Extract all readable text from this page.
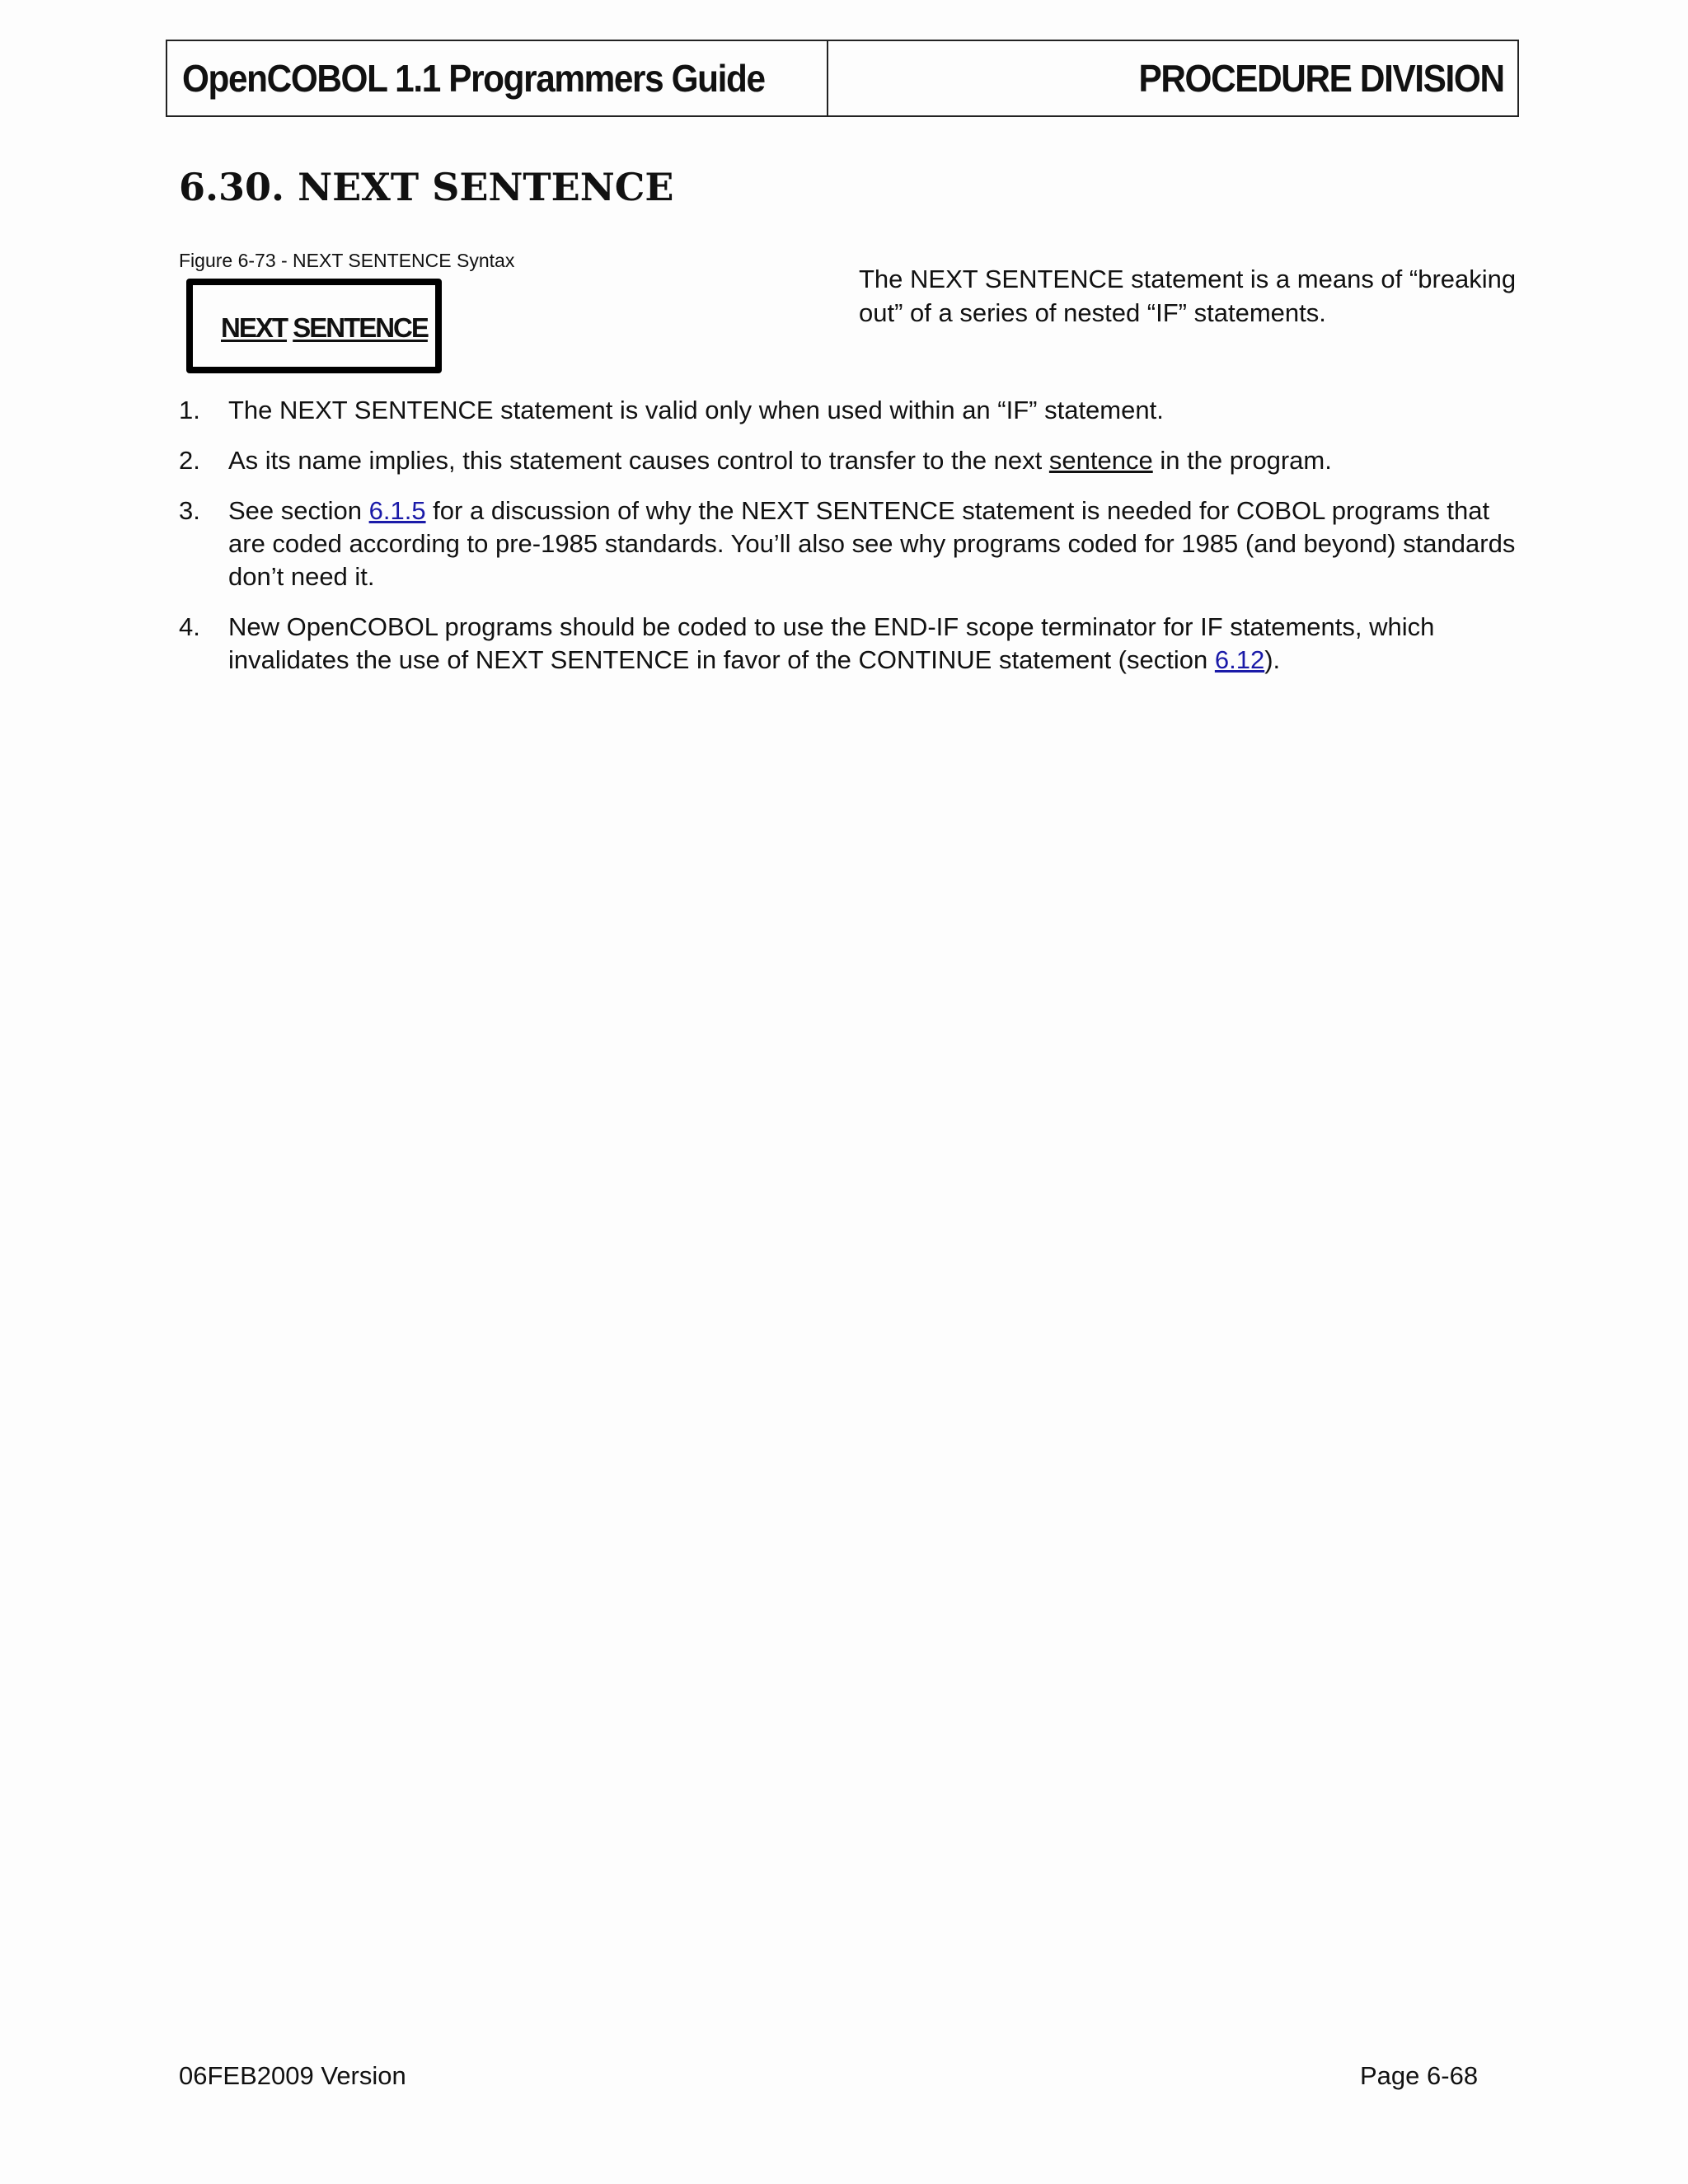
OpenCOBOL 1.1 Programmers Guide	PROCEDURE DIVISION
6.30. NEXT SENTENCE
Figure 6-73 - NEXT SENTENCE Syntax
NEXT SENTENCE
The NEXT SENTENCE statement is a means of “breaking out” of a series of nested “IF” statements.
1. The NEXT SENTENCE statement is valid only when used within an “IF” statement.
2. As its name implies, this statement causes control to transfer to the next sentence in the program.
3. See section 6.1.5 for a discussion of why the NEXT SENTENCE statement is needed for COBOL programs that are coded according to pre-1985 standards. You’ll also see why programs coded for 1985 (and beyond) standards don’t need it.
4. New OpenCOBOL programs should be coded to use the END-IF scope terminator for IF statements, which invalidates the use of NEXT SENTENCE in favor of the CONTINUE statement (section 6.12).
06FEB2009 Version	Page 6-68
